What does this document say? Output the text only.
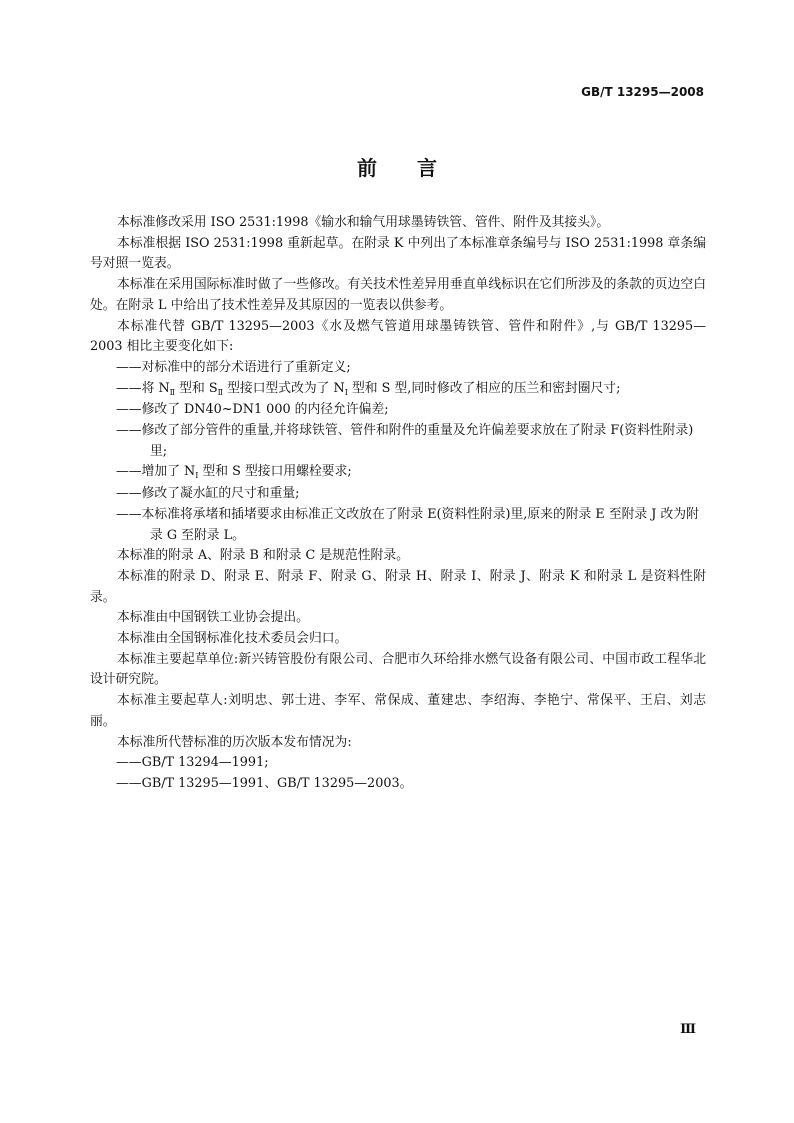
GB/T 13295—2008
前 言

本标准修改采用 ISO 2531:1998《输水和输气用球墨铸铁管、管件、附件及其接头》。

本标准根据 ISO 2531:1998 重新起草。在附录 K 中列出了本标准章条编号与 ISO 2531:1998 章条编号对照一览表。

本标准在采用国际标准时做了一些修改。有关技术性差异用垂直单线标识在它们所涉及的条款的页边空白处。在附录 L 中给出了技术性差异及其原因的一览表以供参考。

本标准代替 GB/T 13295—2003《水及燃气管道用球墨铸铁管、管件和附件》,与 GB/T 13295—2003 相比主要变化如下:

——对标准中的部分术语进行了重新定义;

——将 $N_Ⅱ$ 型和 $S_Ⅱ$ 型接口型式改为了 $N_Ⅰ$ 型和 S 型,同时修改了相应的压兰和密封圈尺寸;

——修改了 DN40~DN1 000 的内径允许偏差;

——修改了部分管件的重量,并将球铁管、管件和附件的重量及允许偏差要求放在了附录 F(资料性附录)里;

——增加了 $N_Ⅰ$ 型和 S 型接口用螺栓要求;

——修改了凝水缸的尺寸和重量;

——本标准将承堵和插堵要求由标准正文改放在了附录 E(资料性附录)里,原来的附录 E 至附录 J 改为附录 G 至附录 L。

本标准的附录 A、附录 B 和附录 C 是规范性附录。

本标准的附录 D、附录 E、附录 F、附录 G、附录 H、附录 I、附录 J、附录 K 和附录 L 是资料性附录。

本标准由中国钢铁工业协会提出。

本标准由全国钢标准化技术委员会归口。

本标准主要起草单位:新兴铸管股份有限公司、合肥市久环给排水燃气设备有限公司、中国市政工程华北设计研究院。

本标准主要起草人:刘明忠、郭士进、李军、常保成、董建忠、李绍海、李艳宁、常保平、王启、刘志丽。

本标准所代替标准的历次版本发布情况为:

——GB/T 13294—1991;

——GB/T 13295—1991、GB/T 13295—2003。

Ⅲ
